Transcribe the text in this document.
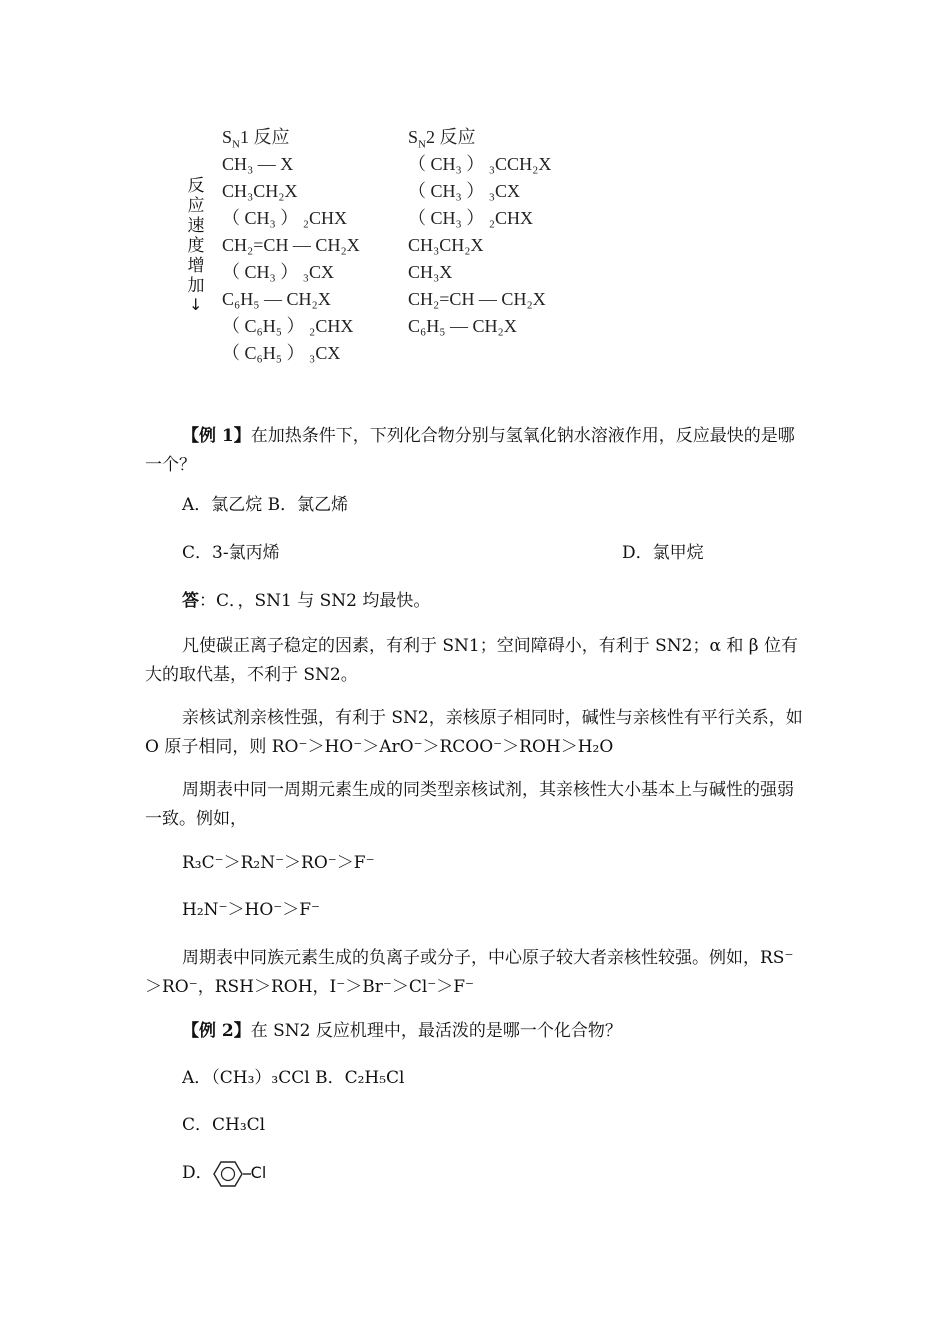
$S_N1$ 反应	$S_N2$ 反应
反应速度增加
↓
CH₃ — X
CH₃CH₂X
（ CH₃ ） ₂CHX
CH₂=CH — CH₂X
（ CH₃ ） ₃CX
C₆H₅ — CH₂X
（ C₆H₅ ） ₂CHX
（ C₆H₅ ） ₃CX
（ CH₃ ） ₃CCH₂X
（ CH₃ ） ₃CX
（ CH₃ ） ₂CHX
CH₃CH₂X
CH₃X
CH₂=CH — CH₂X
C₆H₅ — CH₂X
【例 1】在加热条件下，下列化合物分别与氢氧化钠水溶液作用，反应最快的是哪一个？
A．氯乙烷 B．氯乙烯
C．3-氯丙烯	D．氯甲烷
答：C．，SN1 与 SN2 均最快。
凡使碳正离子稳定的因素，有利于 SN1；空间障碍小，有利于 SN2；α 和 β 位有大的取代基，不利于 SN2。
亲核试剂亲核性强，有利于 SN2，亲核原子相同时，碱性与亲核性有平行关系，如 O 原子相同，则 RO⁻＞HO⁻＞ArO⁻＞RCOO⁻＞ROH＞H₂O
周期表中同一周期元素生成的同类型亲核试剂，其亲核性大小基本上与碱性的强弱一致。例如，
R₃C⁻＞R₂N⁻＞RO⁻＞F⁻
H₂N⁻＞HO⁻＞F⁻
周期表中同族元素生成的负离子或分子，中心原子较大者亲核性较强。例如，RS⁻＞RO⁻，RSH＞ROH，I⁻＞Br⁻＞Cl⁻＞F⁻
【例 2】在 SN2 反应机理中，最活泼的是哪一个化合物？
A．（CH₃）₃CCl B．C₂H₅Cl
C．CH₃Cl
D． Cl
